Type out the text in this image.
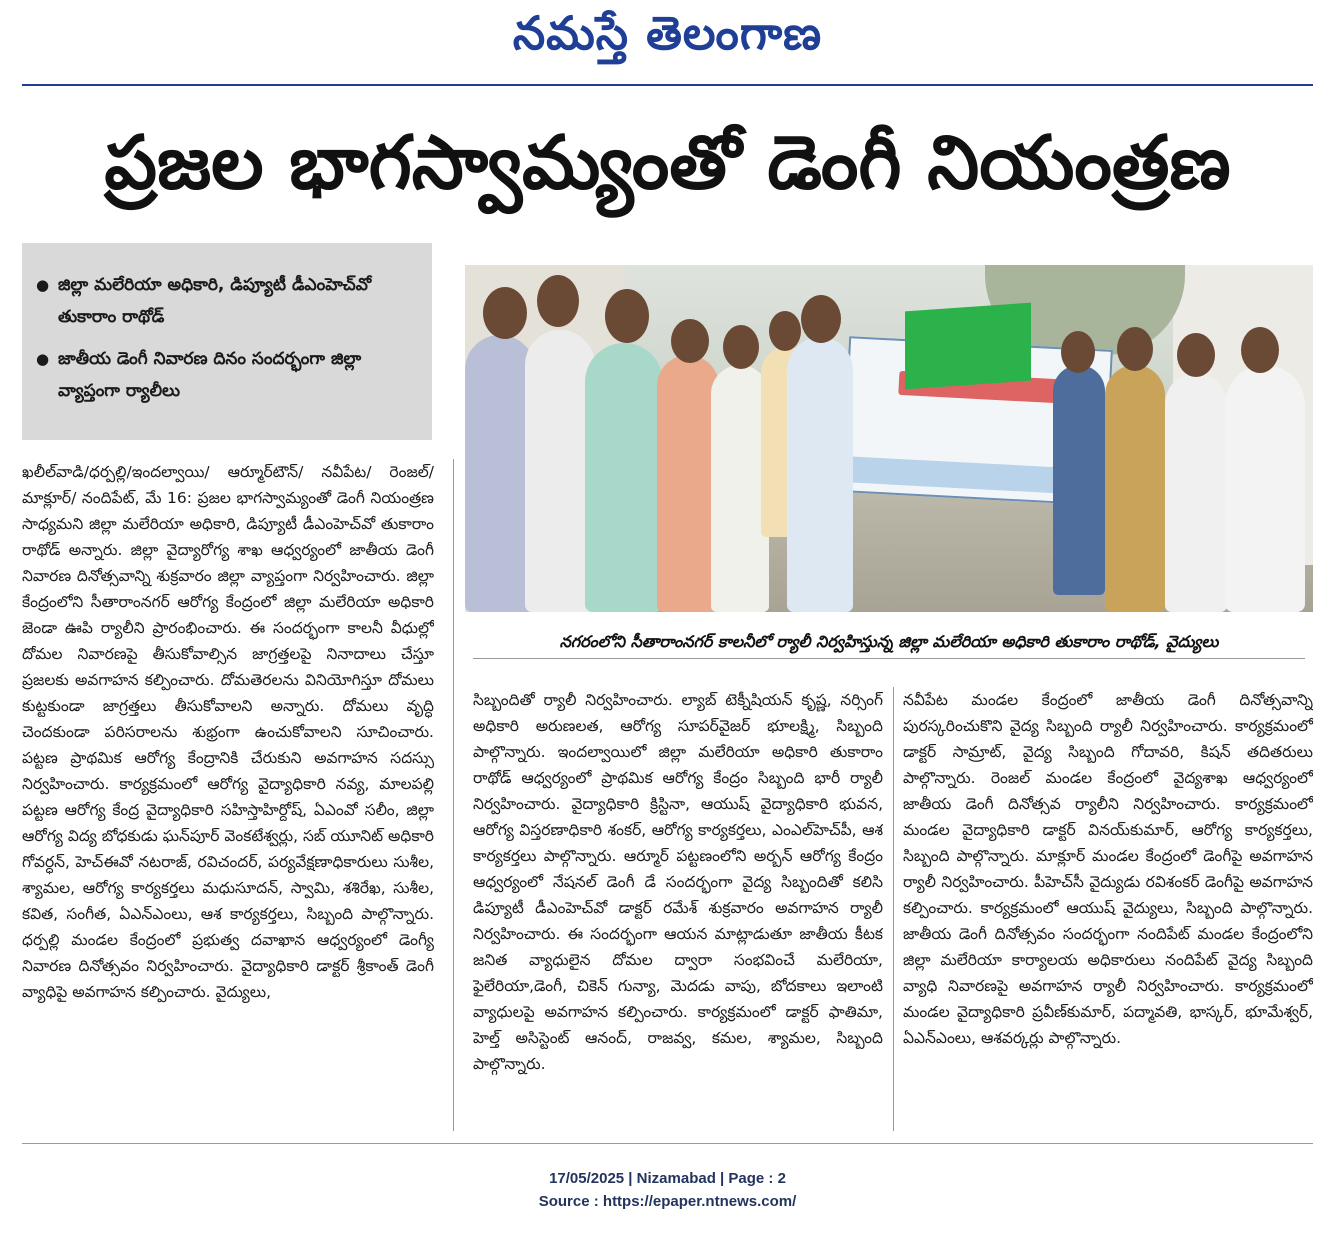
నమస్తే తెలంగాణ
ప్రజల భాగస్వామ్యంతో డెంగీ నియంత్రణ
● జిల్లా మలేరియా అధికారి, డిప్యూటీ డీఎంహెచ్‌వో తుకారాం రాథోడ్
● జాతీయ డెంగీ నివారణ దినం సందర్భంగా జిల్లా వ్యాప్తంగా ర్యాలీలు
నగరంలోని సీతారాంనగర్ కాలనీలో ర్యాలీ నిర్వహిస్తున్న జిల్లా మలేరియా అధికారి తుకారాం రాథోడ్, వైద్యులు
ఖలీల్‌వాడి/ధర్పల్లి/ఇందల్వాయి/ ఆర్మూర్‌టౌన్/ నవీపేట/ రెంజల్/ మాక్లూర్/ నందిపేట్, మే 16: ప్రజల భాగస్వామ్యంతో డెంగీ నియంత్రణ సాధ్యమని జిల్లా మలేరియా అధికారి, డిప్యూటీ డీఎంహెచ్‌వో తుకారాం రాథోడ్ అన్నారు. జిల్లా వైద్యారోగ్య శాఖ ఆధ్వర్యంలో జాతీయ డెంగీ నివారణ దినోత్సవాన్ని శుక్రవారం జిల్లా వ్యాప్తంగా నిర్వహించారు. జిల్లా కేంద్రంలోని సీతారాంనగర్ ఆరోగ్య కేంద్రంలో జిల్లా మలేరియా అధికారి జెండా ఊపి ర్యాలీని ప్రారంభించారు. ఈ సందర్భంగా కాలనీ వీధుల్లో దోమల నివారణపై తీసుకోవాల్సిన జాగ్రత్తలపై నినాదాలు చేస్తూ ప్రజలకు అవగాహన కల్పించారు. దోమతెరలను వినియోగిస్తూ దోమలు కుట్టకుండా జాగ్రత్తలు తీసుకోవాలని అన్నారు. దోమలు వృద్ధి చెందకుండా పరిసరాలను శుభ్రంగా ఉంచుకోవాలని సూచించారు. పట్టణ ప్రాథమిక ఆరోగ్య కేంద్రానికి చేరుకుని అవగాహన సదస్సు నిర్వహించారు. కార్యక్రమంలో ఆరోగ్య వైద్యాధికారి నవ్య, మాలపల్లి పట్టణ ఆరోగ్య కేంద్ర వైద్యాధికారి సహిస్తాహిర్దోష్, ఏఎంవో సలీం, జిల్లా ఆరోగ్య విద్య బోధకుడు ఘన్‌పూర్ వెంకటేశ్వర్లు, సబ్ యూనిట్ అధికారి గోవర్ధన్, హెచ్ఈవో నటరాజ్, రవిచందర్, పర్యవేక్షణాధికారులు సుశీల, శ్యామల, ఆరోగ్య కార్యకర్తలు మధుసూదన్, స్వామి, శశిరేఖ, సుశీల, కవిత, సంగీత, ఏఎన్ఎంలు, ఆశ కార్యకర్తలు, సిబ్బంది పాల్గొన్నారు. ధర్పల్లి మండల కేంద్రంలో ప్రభుత్వ దవాఖాన ఆధ్వర్యంలో డెంగ్యీ నివారణ దినోత్సవం నిర్వహించారు. వైద్యాధికారి డాక్టర్ శ్రీకాంత్ డెంగీ వ్యాధిపై అవగాహన కల్పించారు. వైద్యులు,
సిబ్బందితో ర్యాలీ నిర్వహించారు. ల్యాబ్ టెక్నీషియన్ కృష్ణ, నర్సింగ్ అధికారి అరుణలత, ఆరోగ్య సూపర్‌వైజర్ భూలక్ష్మి, సిబ్బంది పాల్గొన్నారు. ఇందల్వాయిలో జిల్లా మలేరియా అధికారి తుకారాం రాథోడ్ ఆధ్వర్యంలో ప్రాథమిక ఆరోగ్య కేంద్రం సిబ్బంది భారీ ర్యాలీ నిర్వహించారు. వైద్యాధికారి క్రిస్టినా, ఆయుష్ వైద్యాధికారి భువన, ఆరోగ్య విస్తరణాధికారి శంకర్, ఆరోగ్య కార్యకర్తలు, ఎంఎల్‌హెచ్‌పీ, ఆశ కార్యకర్తలు పాల్గొన్నారు. ఆర్మూర్ పట్టణంలోని అర్బన్ ఆరోగ్య కేంద్రం ఆధ్వర్యంలో నేషనల్ డెంగీ డే సందర్భంగా వైద్య సిబ్బందితో కలిసి డిప్యూటీ డీఎంహెచ్‌వో డాక్టర్ రమేశ్ శుక్రవారం అవగాహన ర్యాలీ నిర్వహించారు. ఈ సందర్భంగా ఆయన మాట్లాడుతూ జాతీయ కీటక జనిత వ్యాధులైన దోమల ద్వారా సంభవించే మలేరియా, ఫైలేరియా,డెంగీ, చికెన్ గున్యా, మెదడు వాపు, బోదకాలు ఇలాంటి వ్యాధులపై అవగాహన కల్పించారు. కార్యక్రమంలో డాక్టర్ ఫాతిమా, హెల్త్ అసిస్టెంట్ ఆనంద్, రాజవ్వ, కమల, శ్యామల, సిబ్బంది పాల్గొన్నారు.
నవీపేట మండల కేంద్రంలో జాతీయ డెంగీ దినోత్సవాన్ని పురస్కరించుకొని వైద్య సిబ్బంది ర్యాలీ నిర్వహించారు. కార్యక్రమంలో డాక్టర్ సామ్రాట్, వైద్య సిబ్బంది గోదావరి, కిషన్ తదితరులు పాల్గొన్నారు. రెంజల్ మండల కేంద్రంలో వైద్యశాఖ ఆధ్వర్యంలో జాతీయ డెంగీ దినోత్సవ ర్యాలీని నిర్వహించారు. కార్యక్రమంలో మండల వైద్యాధికారి డాక్టర్ వినయ్‌కుమార్, ఆరోగ్య కార్యకర్తలు, సిబ్బంది పాల్గొన్నారు. మాక్లూర్ మండల కేంద్రంలో డెంగీపై అవగాహన ర్యాలీ నిర్వహించారు. పీహెచ్‌సీ వైద్యుడు రవిశంకర్ డెంగీపై అవగాహన కల్పించారు. కార్యక్రమంలో ఆయుష్ వైద్యులు, సిబ్బంది పాల్గొన్నారు. జాతీయ డెంగీ దినోత్సవం సందర్భంగా నందిపేట్ మండల కేంద్రంలోని జిల్లా మలేరియా కార్యాలయ అధికారులు నందిపేట్ వైద్య సిబ్బంది వ్యాధి నివారణపై అవగాహన ర్యాలీ నిర్వహించారు. కార్యక్రమంలో మండల వైద్యాధికారి ప్రవీణ్‌కుమార్, పద్మావతి, భాస్కర్, భూమేశ్వర్, ఏఎన్ఎంలు, ఆశవర్కర్లు పాల్గొన్నారు.
17/05/2025 | Nizamabad | Page : 2
Source : https://epaper.ntnews.com/
